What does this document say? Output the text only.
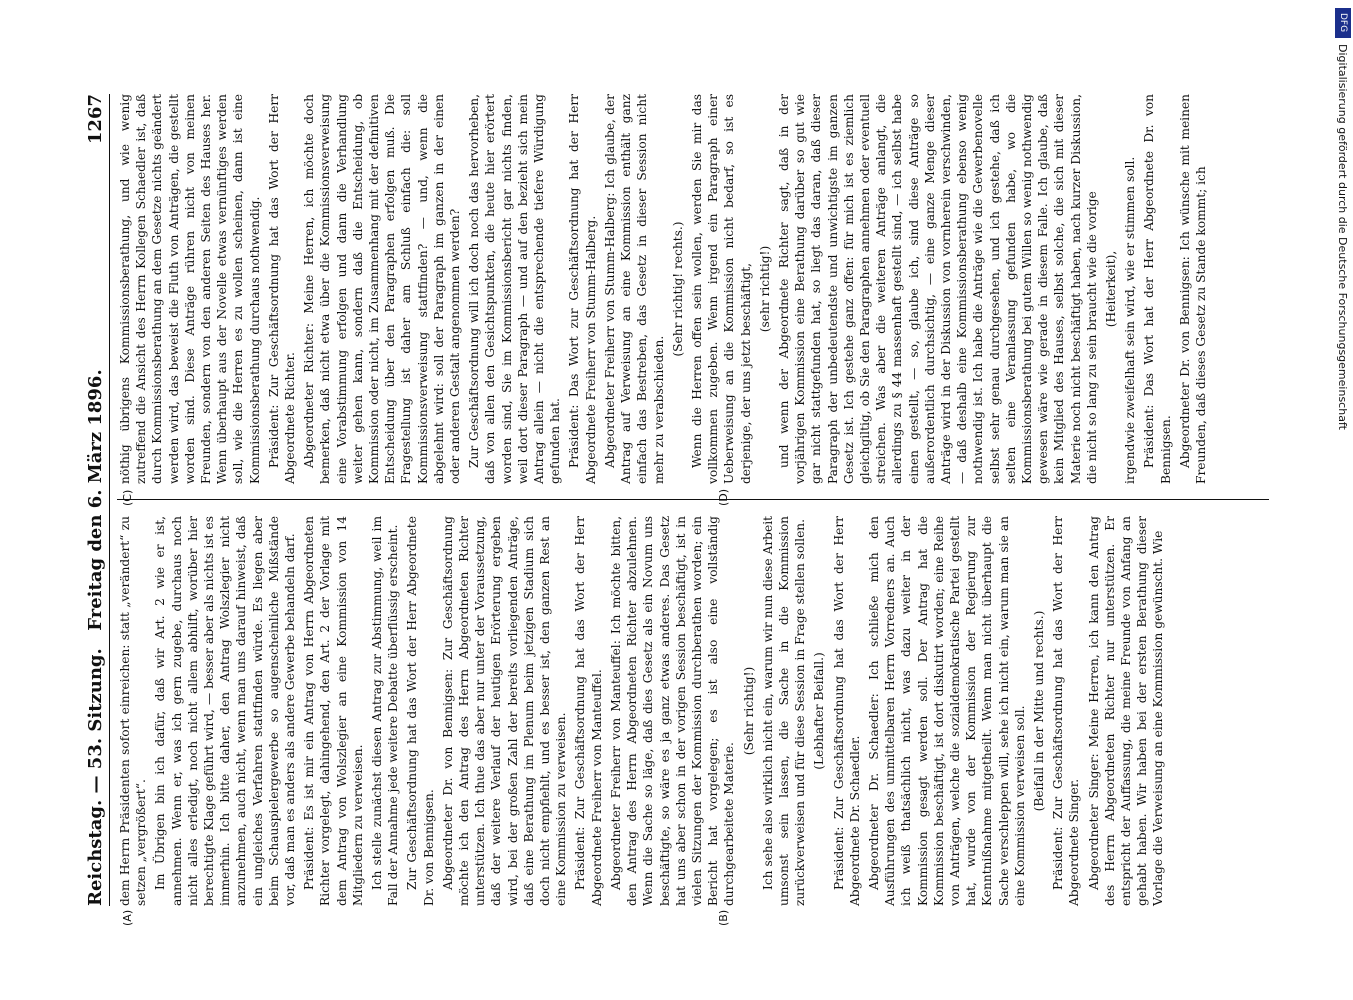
Reichstag. — 53. Sitzung.
Freitag den 6. März 1896.
1267

dem Herrn Präsidenten sofort einreichen: statt „verändert“ zu setzen „vergrößert“. Im Übrigen bin ich dafür, daß wir Art. 2 wie er ist, annehmen. Wenn er, was ich gern zugebe, durchaus noch nicht alles erledigt, noch nicht allem abhilft, worüber hier berechtigte Klage geführt wird, — besser aber als nichts ist es immerhin. Ich bitte daher, den Antrag Wolszlegier nicht anzunehmen, auch nicht, wenn man uns darauf hinweist, daß ein ungleiches Verfahren stattfinden würde. Es liegen aber beim Schauspielergewerbe so augenscheinliche Mißstände vor, daß man es anders als andere Gewerbe behandeln darf. Präsident: Es ist mir ein Antrag von Herrn Abgeordneten Richter vorgelegt, dahingehend, den Art. 2 der Vorlage mit dem Antrag von Wolszlegier an eine Kommission von 14 Mitgliedern zu verweisen. Ich stelle zunächst diesen Antrag zur Abstimmung, weil im Fall der Annahme jede weitere Debatte überflüssig erscheint. Zur Geschäftsordnung hat das Wort der Herr Abgeordnete Dr. von Bennigsen. Abgeordneter Dr. von Bennigsen: Zur Geschäftsordnung möchte ich den Antrag des Herrn Abgeordneten Richter unterstützen. Ich thue das aber nur unter der Voraussetzung, daß der weitere Verlauf der heutigen Erörterung ergeben wird, bei der großen Zahl der bereits vorliegenden Anträge, daß eine Berathung im Plenum beim jetzigen Stadium sich doch nicht empfiehlt, und es besser ist, den ganzen Rest an eine Kommission zu verweisen. Präsident: Zur Geschäftsordnung hat das Wort der Herr Abgeordnete Freiherr von Manteuffel. Abgeordneter Freiherr von Manteuffel: Ich möchte bitten, den Antrag des Herrn Abgeordneten Richter abzulehnen. Wenn die Sache so läge, daß dies Gesetz als ein Novum uns beschäftigte, so wäre es ja ganz etwas anderes. Das Gesetz hat uns aber schon in der vorigen Session beschäftigt, ist in vielen Sitzungen der Kommission durchberathen worden; ein Bericht hat vorgelegen; es ist also eine vollständig durchgearbeitete Materie.

(Sehr richtig!) Ich sehe also wirklich nicht ein, warum wir nun diese Arbeit umsonst sein lassen, die Sache in die Kommission zurückverweisen und für diese Session in Frage stellen sollen. (Lebhafter Beifall.) Präsident: Zur Geschäftsordnung hat das Wort der Herr Abgeordnete Dr. Schaedler. Abgeordneter Dr. Schaedler: Ich schließe mich den Ausführungen des unmittelbaren Herrn Vorredners an. Auch ich weiß thatsächlich nicht, was dazu weiter in der Kommission gesagt werden soll. Der Antrag hat die Kommission beschäftigt, ist dort diskutirt worden; eine Reihe von Anträgen, welche die sozialdemokratische Partei gestellt hat, wurde von der Kommission der Regierung zur Kenntnißnahme mitgetheilt. Wenn man nicht überhaupt die Sache verschleppen will, sehe ich nicht ein, warum man sie an eine Kommission verweisen soll. (Beifall in der Mitte und rechts.) Präsident: Zur Geschäftsordnung hat das Wort der Herr Abgeordnete Singer. Abgeordneter Singer: Meine Herren, ich kann den Antrag des Herrn Abgeordneten Richter nur unterstützen. Er entspricht der Auffassung, die meine Freunde von Anfang an gehabt haben. Wir haben bei der ersten Berathung dieser Vorlage die Verweisung an eine Kommission gewünscht. Wie

nöthig übrigens Kommissionsberathung, und wie wenig zutreffend die Ansicht des Herrn Kollegen Schaedler ist, daß durch Kommissionsberathung an dem Gesetze nichts geändert werden wird, das beweist die Fluth von Anträgen, die gestellt worden sind. Diese Anträge rühren nicht von meinen Freunden, sondern von den anderen Seiten des Hauses her. Wenn überhaupt aus der Novelle etwas vernünftiges werden soll, wie die Herren es zu wollen scheinen, dann ist eine Kommissionsberathung durchaus nothwendig. Präsident: Zur Geschäftsordnung hat das Wort der Herr Abgeordnete Richter. Abgeordneter Richter: Meine Herren, ich möchte doch bemerken, daß nicht etwa über die Kommissionsverweisung eine Vorabstimmung erfolgen und dann die Verhandlung weiter gehen kann, sondern daß die Entscheidung, ob Kommission oder nicht, im Zusammenhang mit der definitiven Entscheidung über den Paragraphen erfolgen muß. Die Fragestellung ist daher am Schluß einfach die: soll Kommissionsverweisung stattfinden? — und, wenn die abgelehnt wird: soll der Paragraph im ganzen in der einen oder anderen Gestalt angenommen werden? Zur Geschäftsordnung will ich doch noch das hervorheben, daß von allen den Gesichtspunkten, die heute hier erörtert worden sind, Sie im Kommissionsbericht gar nichts finden, weil dort dieser Paragraph — und auf den bezieht sich mein Antrag allein — nicht die entsprechende tiefere Würdigung gefunden hat. Präsident: Das Wort zur Geschäftsordnung hat der Herr Abgeordnete Freiherr von Stumm-Halberg. Abgeordneter Freiherr von Stumm-Halberg: Ich glaube, der Antrag auf Verweisung an eine Kommission enthält ganz einfach das Bestreben, das Gesetz in dieser Session nicht mehr zu verabschieden.

(Sehr richtig! rechts.) Wenn die Herren offen sein wollen, werden Sie mir das vollkommen zugeben. Wenn irgend ein Paragraph einer Ueberweisung an die Kommission nicht bedarf, so ist es derjenige, der uns jetzt beschäftigt, (sehr richtig!) und wenn der Abgeordnete Richter sagt, daß in der vorjährigen Kommission eine Berathung darüber so gut wie gar nicht stattgefunden hat, so liegt das daran, daß dieser Paragraph der unbedeutendste und unwichtigste im ganzen Gesetz ist. Ich gestehe ganz offen: für mich ist es ziemlich gleichgiltig, ob Sie den Paragraphen annehmen oder eventuell streichen. Was aber die weiteren Anträge anlangt, die allerdings zu § 44 massenhaft gestellt sind, — ich selbst habe einen gestellt, — so, glaube ich, sind diese Anträge so außerordentlich durchsichtig, — eine ganze Menge dieser Anträge wird in der Diskussion von vornherein verschwinden, — daß deshalb eine Kommissionsberathung ebenso wenig nothwendig ist. Ich habe die Anträge wie die Gewerbenovelle selbst sehr genau durchgesehen, und ich gestehe, daß ich selten eine Veranlassung gefunden habe, wo die Kommissionsberathung bei gutem Willen so wenig nothwendig gewesen wäre wie gerade in diesem Falle. Ich glaube, daß kein Mitglied des Hauses, selbst solche, die sich mit dieser Materie noch nicht beschäftigt haben, nach kurzer Diskussion, die nicht so lang zu sein braucht wie die vorige (Heiterkeit), irgendwie zweifelhaft sein wird, wie er stimmen soll. Präsident: Das Wort hat der Herr Abgeordnete Dr. von Bennigsen. Abgeordneter Dr. von Bennigsen: Ich wünsche mit meinen Freunden, daß dieses Gesetz zu Stande kommt; ich

(A)	(B)
(C)	(D)
DFG
Digitalisierung gefördert durch die Deutsche Forschungsgemeinschaft
